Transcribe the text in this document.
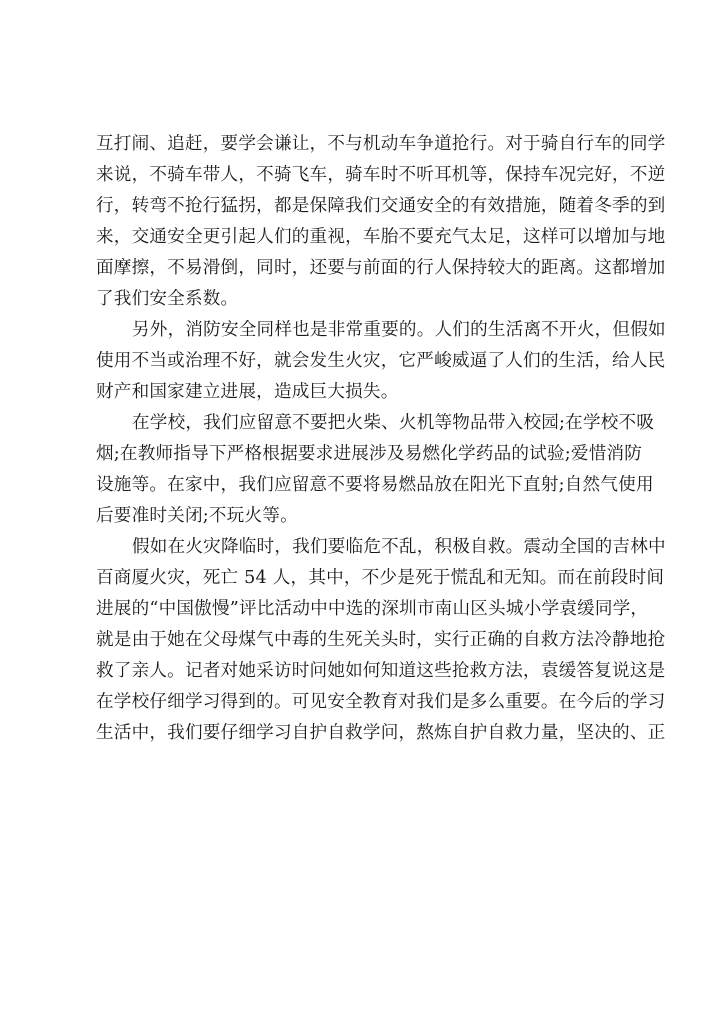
互打闹、追赶，要学会谦让，不与机动车争道抢行。对于骑自行车的同学
来说，不骑车带人，不骑飞车，骑车时不听耳机等，保持车况完好，不逆
行，转弯不抢行猛拐，都是保障我们交通安全的有效措施，随着冬季的到
来，交通安全更引起人们的重视，车胎不要充气太足，这样可以增加与地
面摩擦，不易滑倒，同时，还要与前面的行人保持较大的距离。这都增加
了我们安全系数。
另外，消防安全同样也是非常重要的。人们的生活离不开火，但假如
使用不当或治理不好，就会发生火灾，它严峻威逼了人们的生活，给人民
财产和国家建立进展，造成巨大损失。
在学校，我们应留意不要把火柴、火机等物品带入校园;在学校不吸
烟;在教师指导下严格根据要求进展涉及易燃化学药品的试验;爱惜消防
设施等。在家中，我们应留意不要将易燃品放在阳光下直射;自然气使用
后要准时关闭;不玩火等。
假如在火灾降临时，我们要临危不乱，积极自救。震动全国的吉林中
百商厦火灾，死亡 54 人，其中，不少是死于慌乱和无知。而在前段时间
进展的“中国傲慢”评比活动中中选的深圳市南山区头城小学袁缓同学，
就是由于她在父母煤气中毒的生死关头时，实行正确的自救方法冷静地抢
救了亲人。记者对她采访时问她如何知道这些抢救方法，袁缓答复说这是
在学校仔细学习得到的。可见安全教育对我们是多么重要。在今后的学习
生活中，我们要仔细学习自护自救学问，熬炼自护自救力量，坚决的、正
